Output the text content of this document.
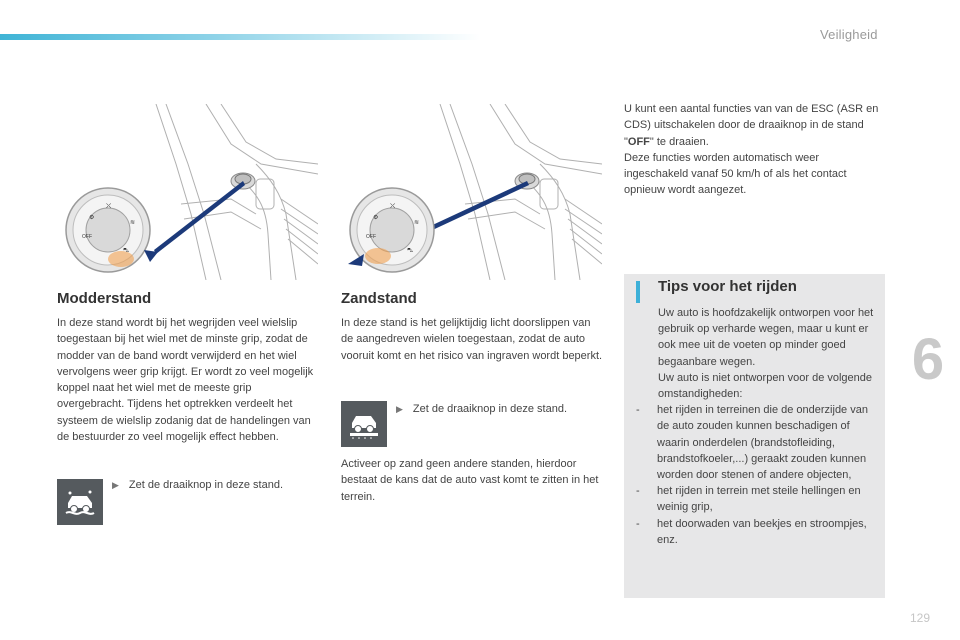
Veiligheid
6
129
⚙
⛌
≋
OFF
⛍
⚙
⛌
≋
OFF
⛍
Modderstand

In deze stand wordt bij het wegrijden veel wielslip toegestaan bij het wiel met de minste grip, zodat de modder van de band wordt verwijderd en het wiel vervolgens weer grip krijgt. Er wordt zo veel mogelijk koppel naat het wiel met de meeste grip overgebracht. Tijdens het optrekken verdeelt het systeem de wielslip zodanig dat de handelingen van de bestuurder zo veel mogelijk effect hebben.

▶ Zet de draaiknop in deze stand.
Zandstand

In deze stand is het gelijktijdig licht doorslippen van de aangedreven wielen toegestaan, zodat de auto vooruit komt en het risico van ingraven wordt beperkt.

▶ Zet de draaiknop in deze stand.

Activeer op zand geen andere standen, hierdoor bestaat de kans dat de auto vast komt te zitten in het terrein.

U kunt een aantal functies van van de ESC (ASR en CDS) uitschakelen door de draaiknop in de stand "OFF" te draaien.
Deze functies worden automatisch weer ingeschakeld vanaf 50 km/h of als het contact opnieuw wordt aangezet.

Tips voor het rijden
Uw auto is hoofdzakelijk ontworpen voor het gebruik op verharde wegen, maar u kunt er ook mee uit de voeten op minder goed begaanbare wegen.
Uw auto is niet ontworpen voor de volgende omstandigheden:
- het rijden in terreinen die de onderzijde van de auto zouden kunnen beschadigen of waarin onderdelen (brandstofleiding, brandstofkoeler,...) geraakt zouden kunnen worden door stenen of andere objecten,
- het rijden in terrein met steile hellingen en weinig grip,
- het doorwaden van beekjes en stroompjes, enz.
